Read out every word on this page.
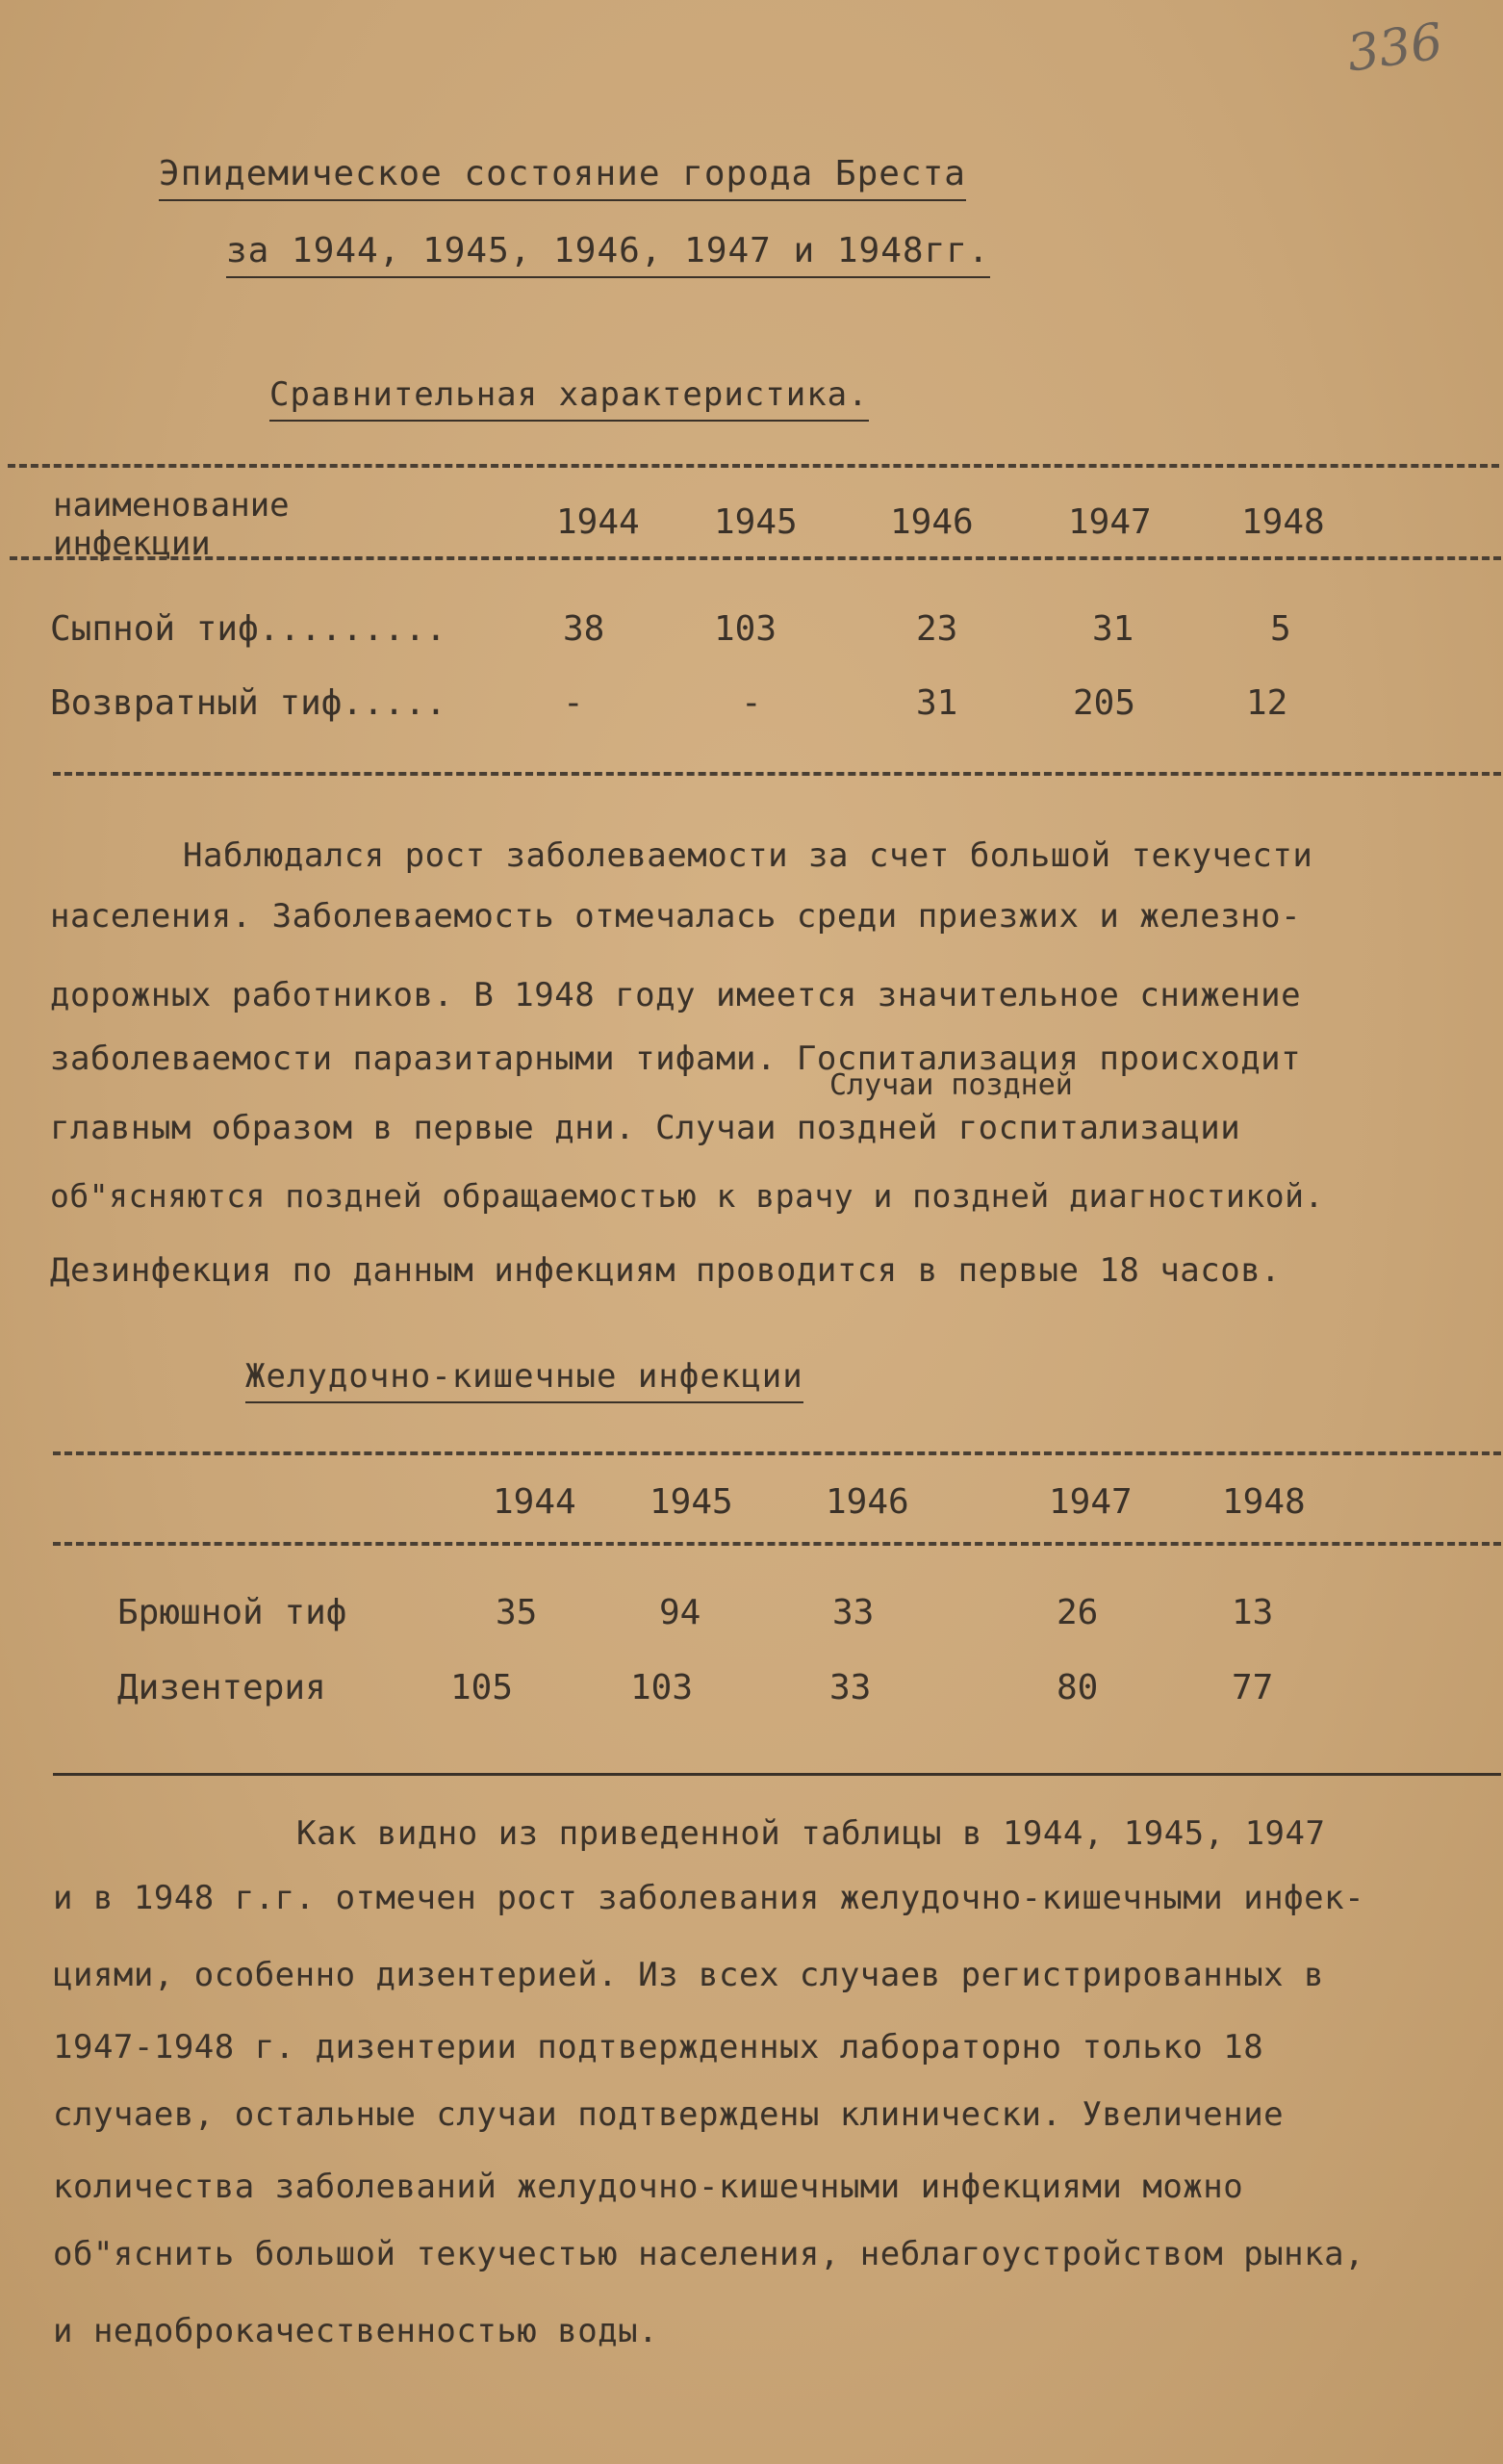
336
Эпидемическое состояние города Бреста
за 1944, 1945, 1946, 1947 и 1948гг.
Сравнительная характеристика.
наименование
инфекции
1944 1945	1946	1947	1948
Сыпной тиф.........	38	103	23	31	5
Возвратный тиф.....	-	-	31	205	12
Случаи поздней
Наблюдался рост заболеваемости за счет большой текучести
населения. Заболеваемость отмечалась среди приезжих и железно-
дорожных работников. В 1948 году имеется значительное снижение
заболеваемости паразитарными тифами. Госпитализация происходит
главным образом в первые дни. Случаи поздней госпитализации
об"ясняются поздней обращаемостью к врачу и поздней диагностикой.
Дезинфекция по данным инфекциям проводится в первые 18 часов.
Желудочно-кишечные инфекции
1944 1945	1946	1947	1948
Брюшной тиф	35	94	33	26	13
Дизентерия	105	103	33	80	77
Как видно из приведенной таблицы в 1944, 1945, 1947
и в 1948 г.г. отмечен рост заболевания желудочно-кишечными инфек-
циями, особенно дизентерией. Из всех случаев регистрированных в
1947-1948 г. дизентерии подтвержденных лабораторно только 18
случаев, остальные случаи подтверждены клинически. Увеличение
количества заболеваний желудочно-кишечными инфекциями можно
об"яснить большой текучестью населения, неблагоустройством рынка,
и недоброкачественностью воды.
